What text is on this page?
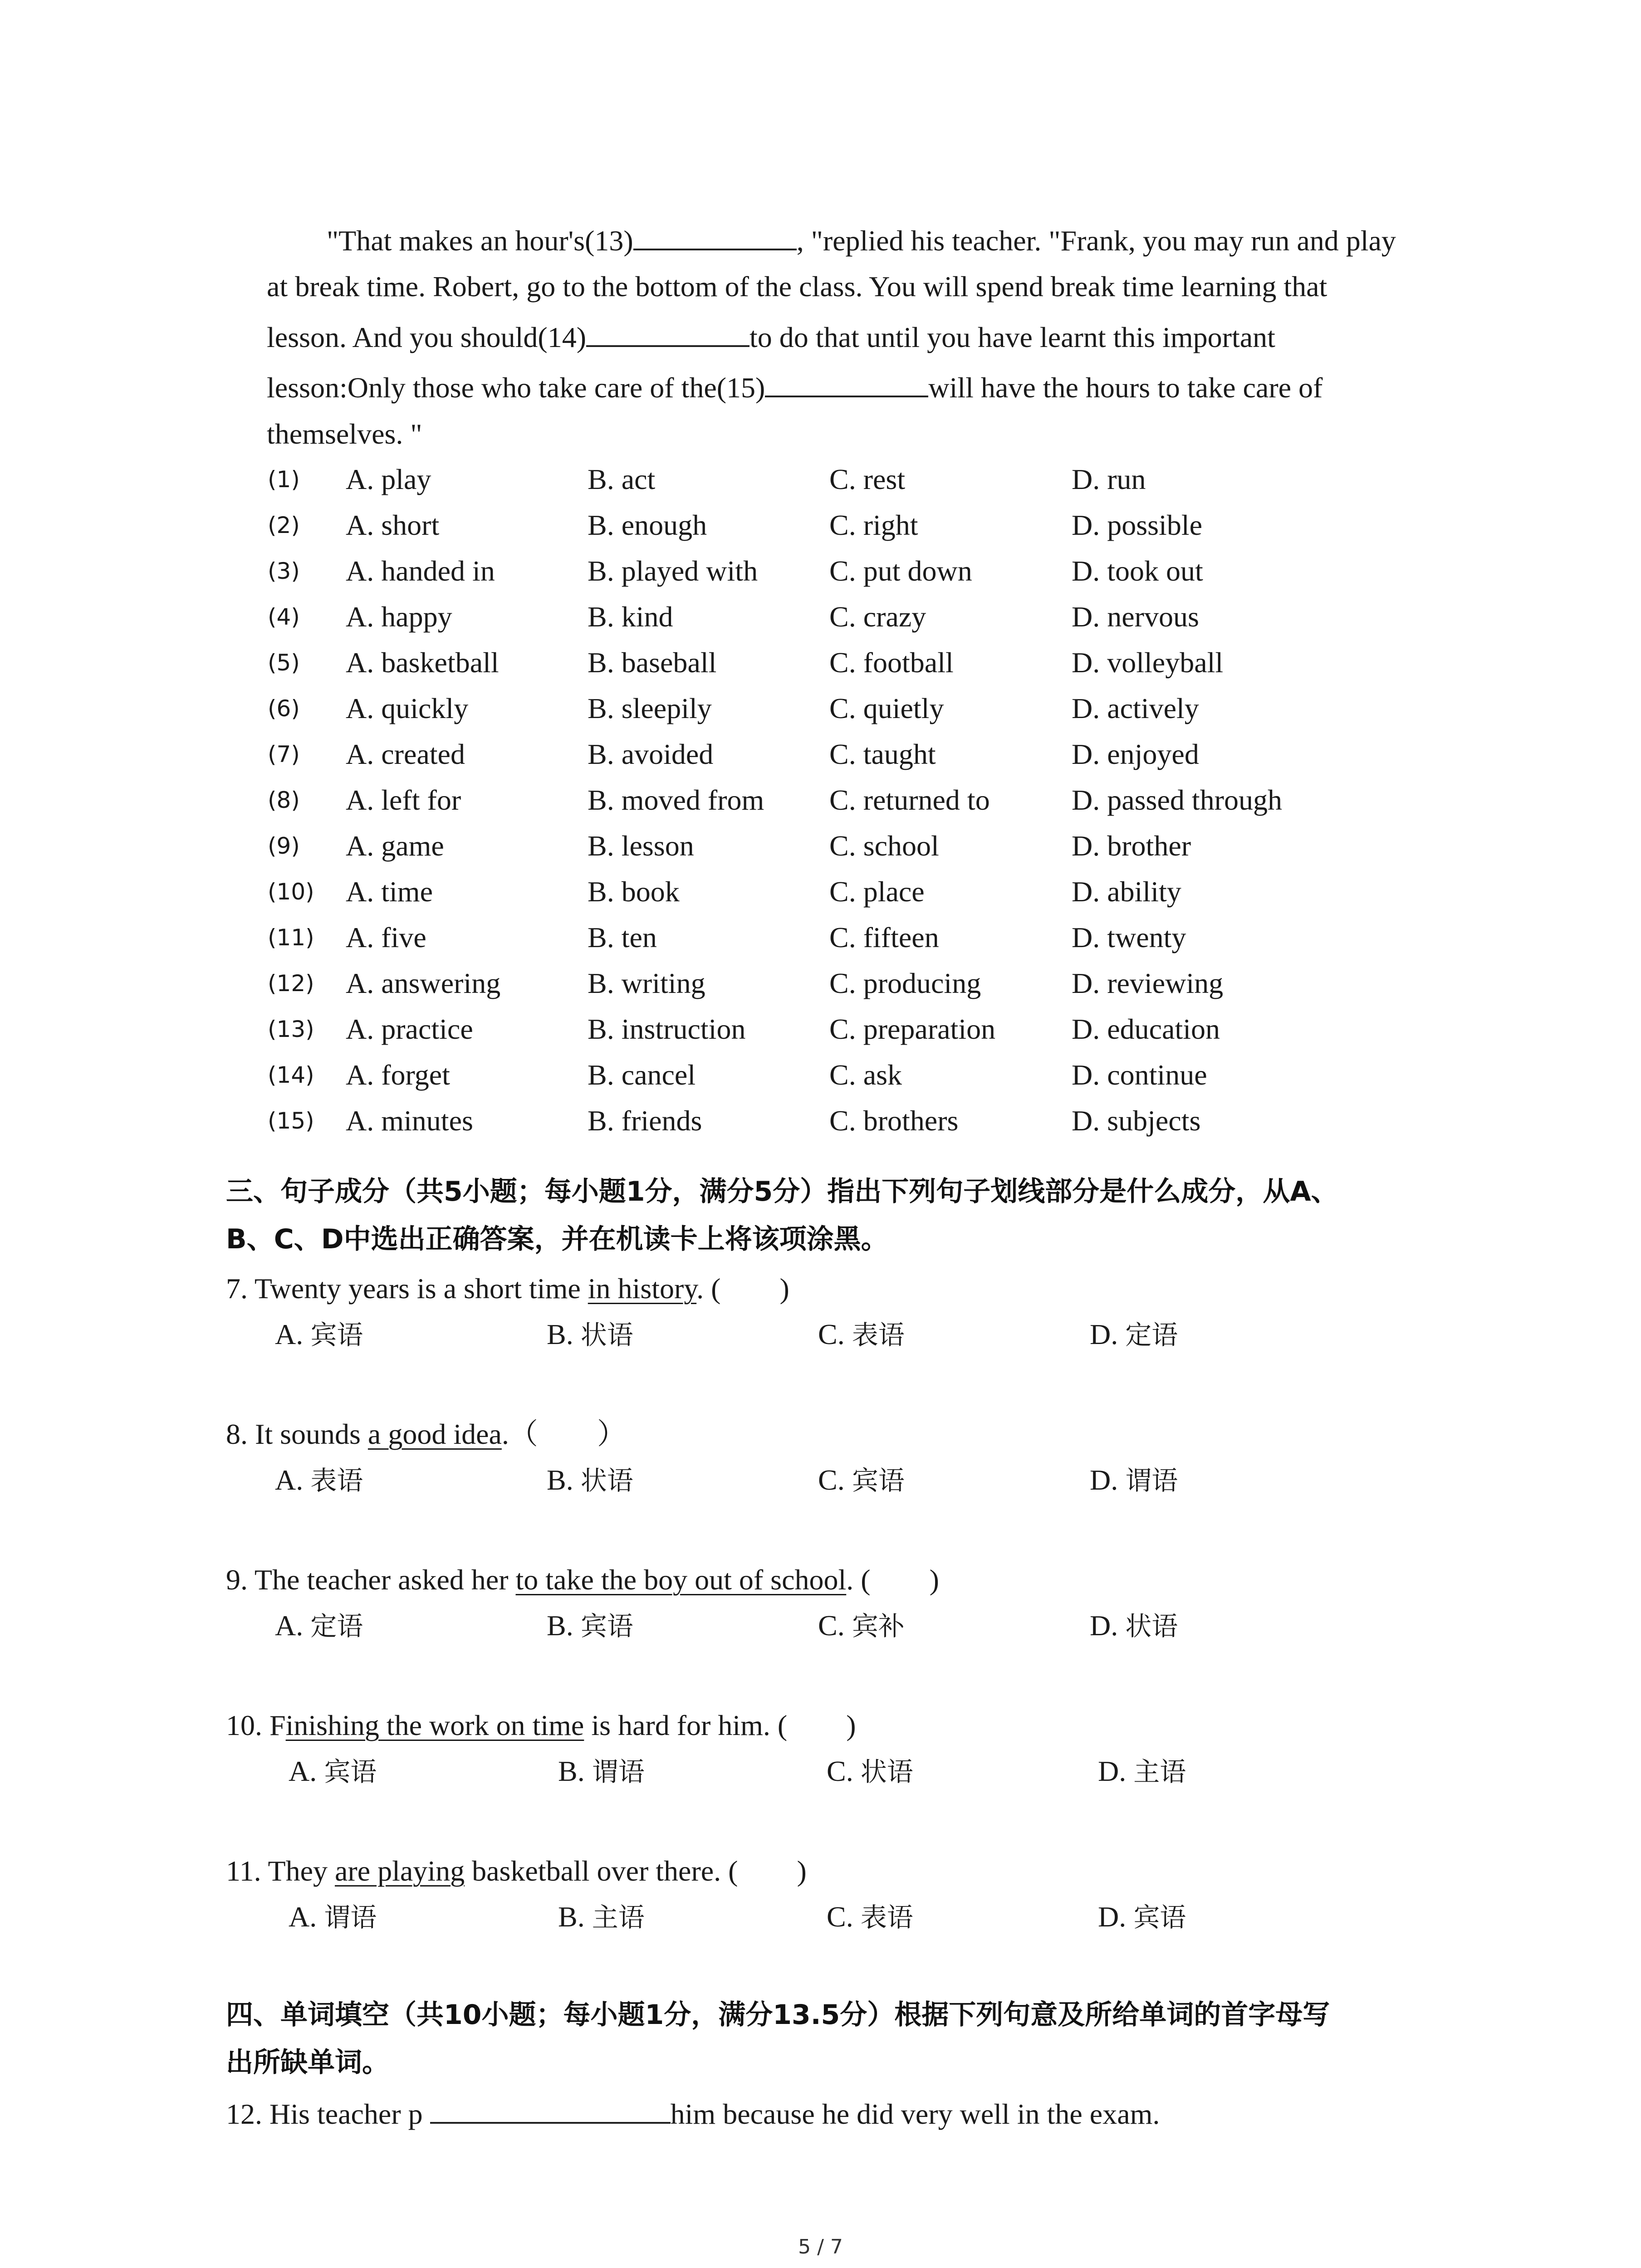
"That makes an hour's(13)	, "replied his teacher. "Frank, you may run and play
at break time. Robert, go to the bottom of the class. You will spend break time learning that
lesson. And you should(14)	to do that until you have learnt this important
lesson:Only those who take care of the(15)	will have the hours to take care of
themselves. "
(1) A. play	B. act	C. rest	D. run
(2) A. short	B. enough	C. right	D. possible
(3) A. handed in	B. played with C. put down	D. took out
(4) A. happy	B. kind	C. crazy	D. nervous
(5) A. basketball	B. baseball	C. football	D. volleyball
(6) A. quickly	B. sleepily	C. quietly	D. actively
(7) A. created	B. avoided	C. taught	D. enjoyed
(8) A. left for	B. moved from C. returned to	D. passed through
(9) A. game	B. lesson	C. school	D. brother
(10) A. time	B. book	C. place	D. ability
(11) A. five	B. ten	C. fifteen	D. twenty
(12) A. answering	B. writing	C. producing	D. reviewing
(13) A. practice	B. instruction	C. preparation	D. education
(14) A. forget	B. cancel	C. ask	D. continue
(15) A. minutes	B. friends	C. brothers	D. subjects
三、句子成分（共5小题；每小题1分，满分5分）指出下列句子划线部分是什么成分，从A、
B、C、D中选出正确答案，并在机读卡上将该项涂黑。
7. Twenty years is a short time in history. ( )
A. 宾语	B. 状语	C. 表语	D. 定语
8. It sounds a good idea.（ ）
A. 表语	B. 状语	C. 宾语	D. 谓语
9. The teacher asked her to take the boy out of school. ( )
A. 定语	B. 宾语	C. 宾补	D. 状语
10. Finishing the work on time is hard for him. ( )
A. 宾语	B. 谓语	C. 状语	D. 主语
11. They are playing basketball over there. ( )
A. 谓语	B. 主语	C. 表语	D. 宾语
四、单词填空（共10小题；每小题1分，满分13.5分）根据下列句意及所给单词的首字母写
出所缺单词。
12. His teacher p	him because he did very well in the exam.
5 / 7
